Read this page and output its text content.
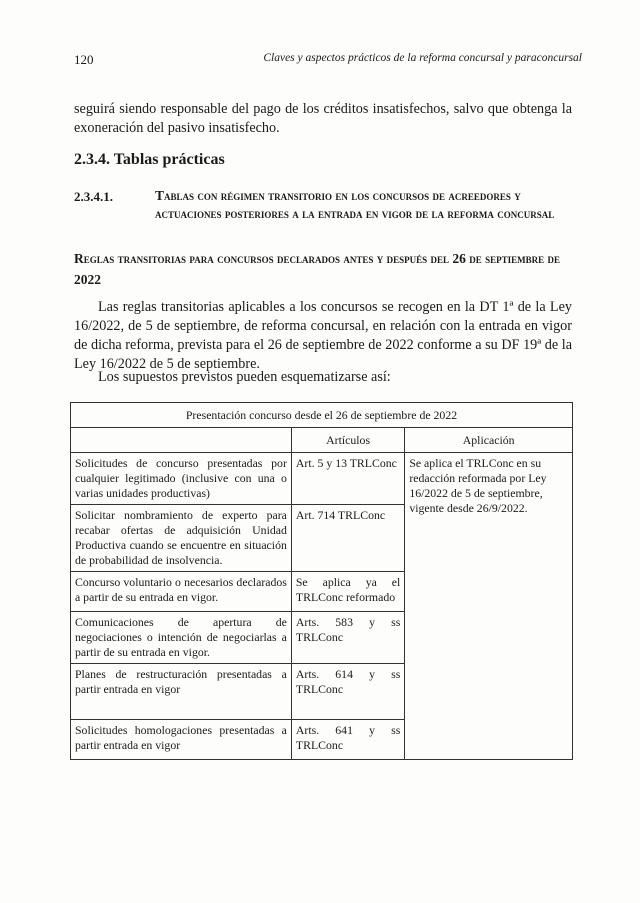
120	Claves y aspectos prácticos de la reforma concursal y paraconcursal

seguirá siendo responsable del pago de los créditos insatisfechos, salvo que obtenga la exoneración del pasivo insatisfecho.

2.3.4. Tablas prácticas
2.3.4.1.	Tablas con régimen transitorio en los concursos de acreedores y actuaciones posteriores a la entrada en vigor de la reforma concursal
Reglas transitorias para concursos declarados antes y después del 26 de septiembre de 2022

Las reglas transitorias aplicables a los concursos se recogen en la DT 1ª de la Ley 16/2022, de 5 de septiembre, de reforma concursal, en relación con la entrada en vigor de dicha reforma, prevista para el 26 de septiembre de 2022 conforme a su DF 19ª de la Ley 16/2022 de 5 de septiembre.

Los supuestos previstos pueden esquematizarse así:

Presentación concurso desde el 26 de septiembre de 2022		
	Artículos	Aplicación
Solicitudes de concurso presentadas por cualquier legitimado (inclusive con una o varias unidades productivas)	Art. 5 y 13 TRLConc	Se aplica el TRLConc en su redacción reformada por Ley 16/2022 de 5 de septiembre, vigente desde 26/9/2022.
Solicitar nombramiento de experto para recabar ofertas de adquisición Unidad Productiva cuando se encuentre en situación de probabilidad de insolvencia.	Art. 714 TRLConc	
Concurso voluntario o necesarios declarados a partir de su entrada en vigor.	Se aplica ya el TRLConc reformado	
Comunicaciones de apertura de negociaciones o intención de negociarlas a partir de su entrada en vigor.	Arts. 583 y ss TRLConc	
Planes de restructuración presentadas a partir entrada en vigor	Arts. 614 y ss TRLConc	
Solicitudes homologaciones presentadas a partir entrada en vigor	Arts. 641 y ss TRLConc	
